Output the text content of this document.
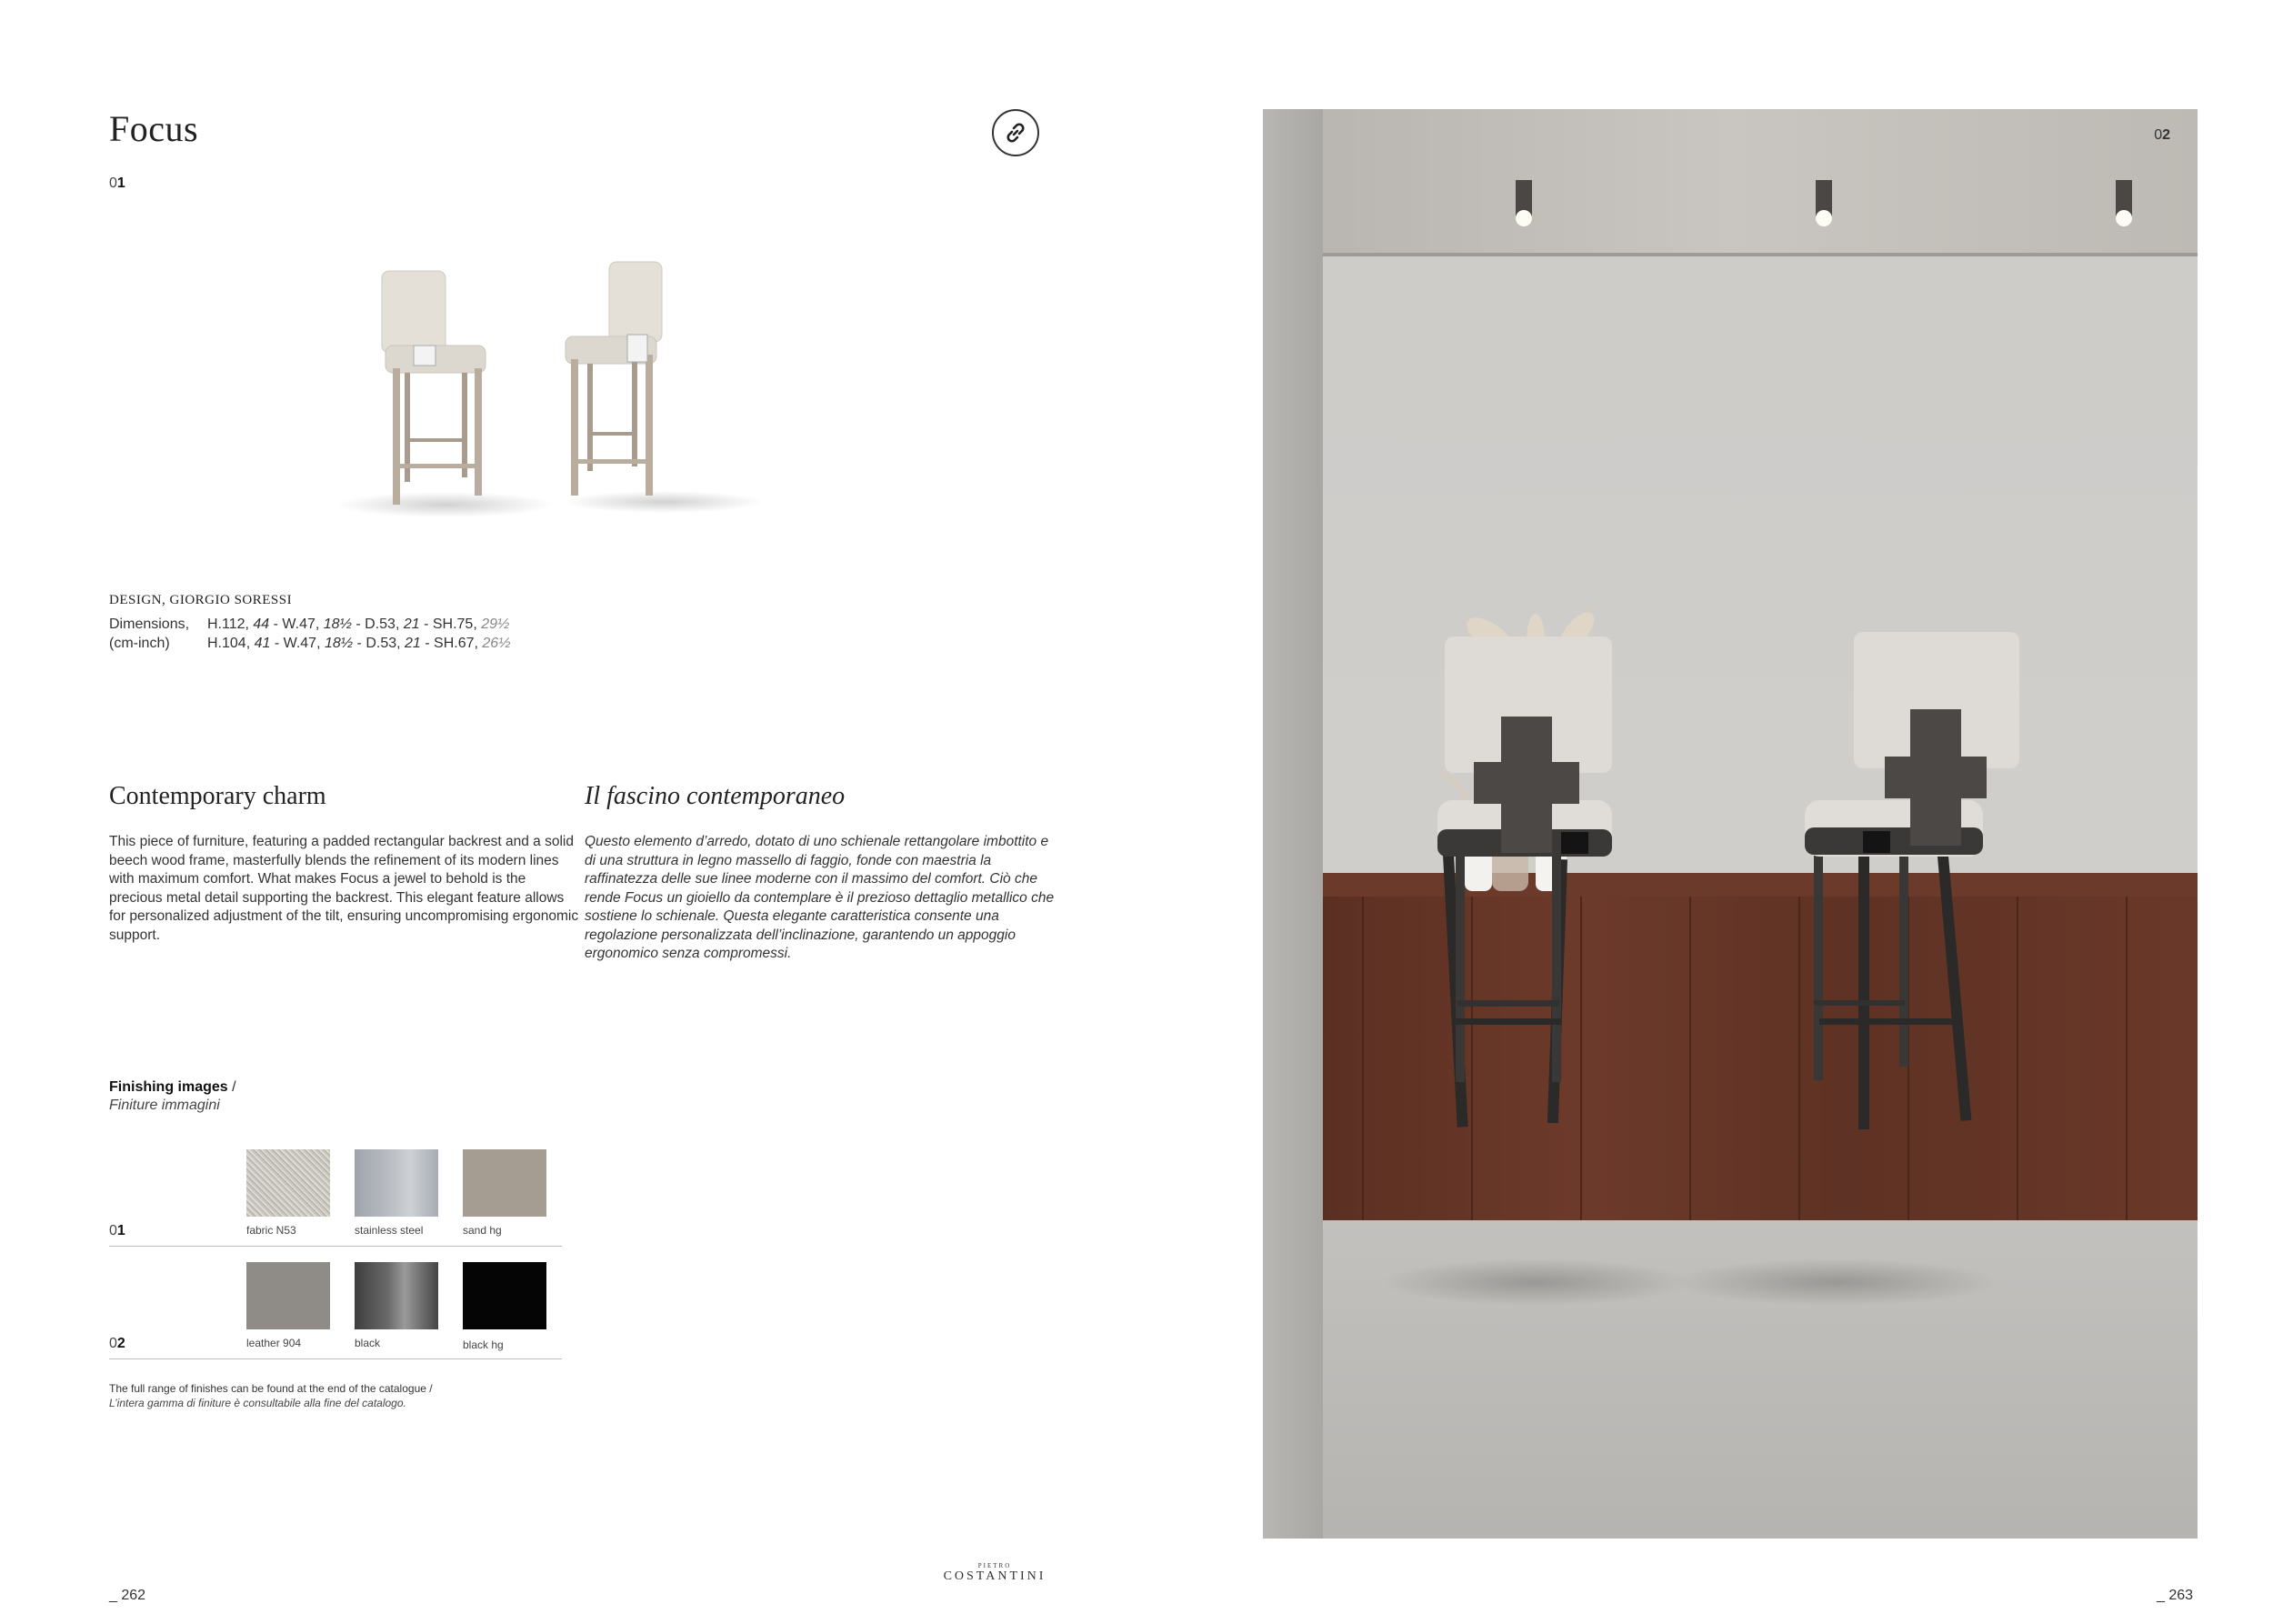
Focus
01
DESIGN, GIORGIO SORESSI
Dimensions, H.112, 44 - W.47, 18½ - D.53, 21 - SH.75, 29½
(cm-inch)	H.104, 41 - W.47, 18½ - D.53, 21 - SH.67, 26½
Contemporary charm
This piece of furniture, featuring a padded rectangular backrest and a solid beech wood frame, masterfully blends the refinement of its modern lines with maximum comfort. What makes Focus a jewel to behold is the precious metal detail supporting the backrest. This elegant feature allows for personalized adjustment of the tilt, ensuring uncompromising ergonomic support.
Il fascino contemporaneo
Questo elemento d’arredo, dotato di uno schienale rettangolare imbottito e di una struttura in legno massello di faggio, fonde con maestria la raffinatezza delle sue linee moderne con il massimo del comfort. Ciò che rende Focus un gioiello da contemplare è il prezioso dettaglio metallico che sostiene lo schienale. Questa elegante caratteristica consente una regolazione personalizzata dell’inclinazione, garantendo un appoggio ergonomico senza compromessi.
Finishing images /
Finiture immagini
01	fabric N53	stainless steel	sand hg
02	leather 904	black	black hg
The full range of finishes can be found at the end of the catalogue /
L’intera gamma di finiture è consultabile alla fine del catalogo.
_ 262
PIETRO
COSTANTINI
_ 263
02
